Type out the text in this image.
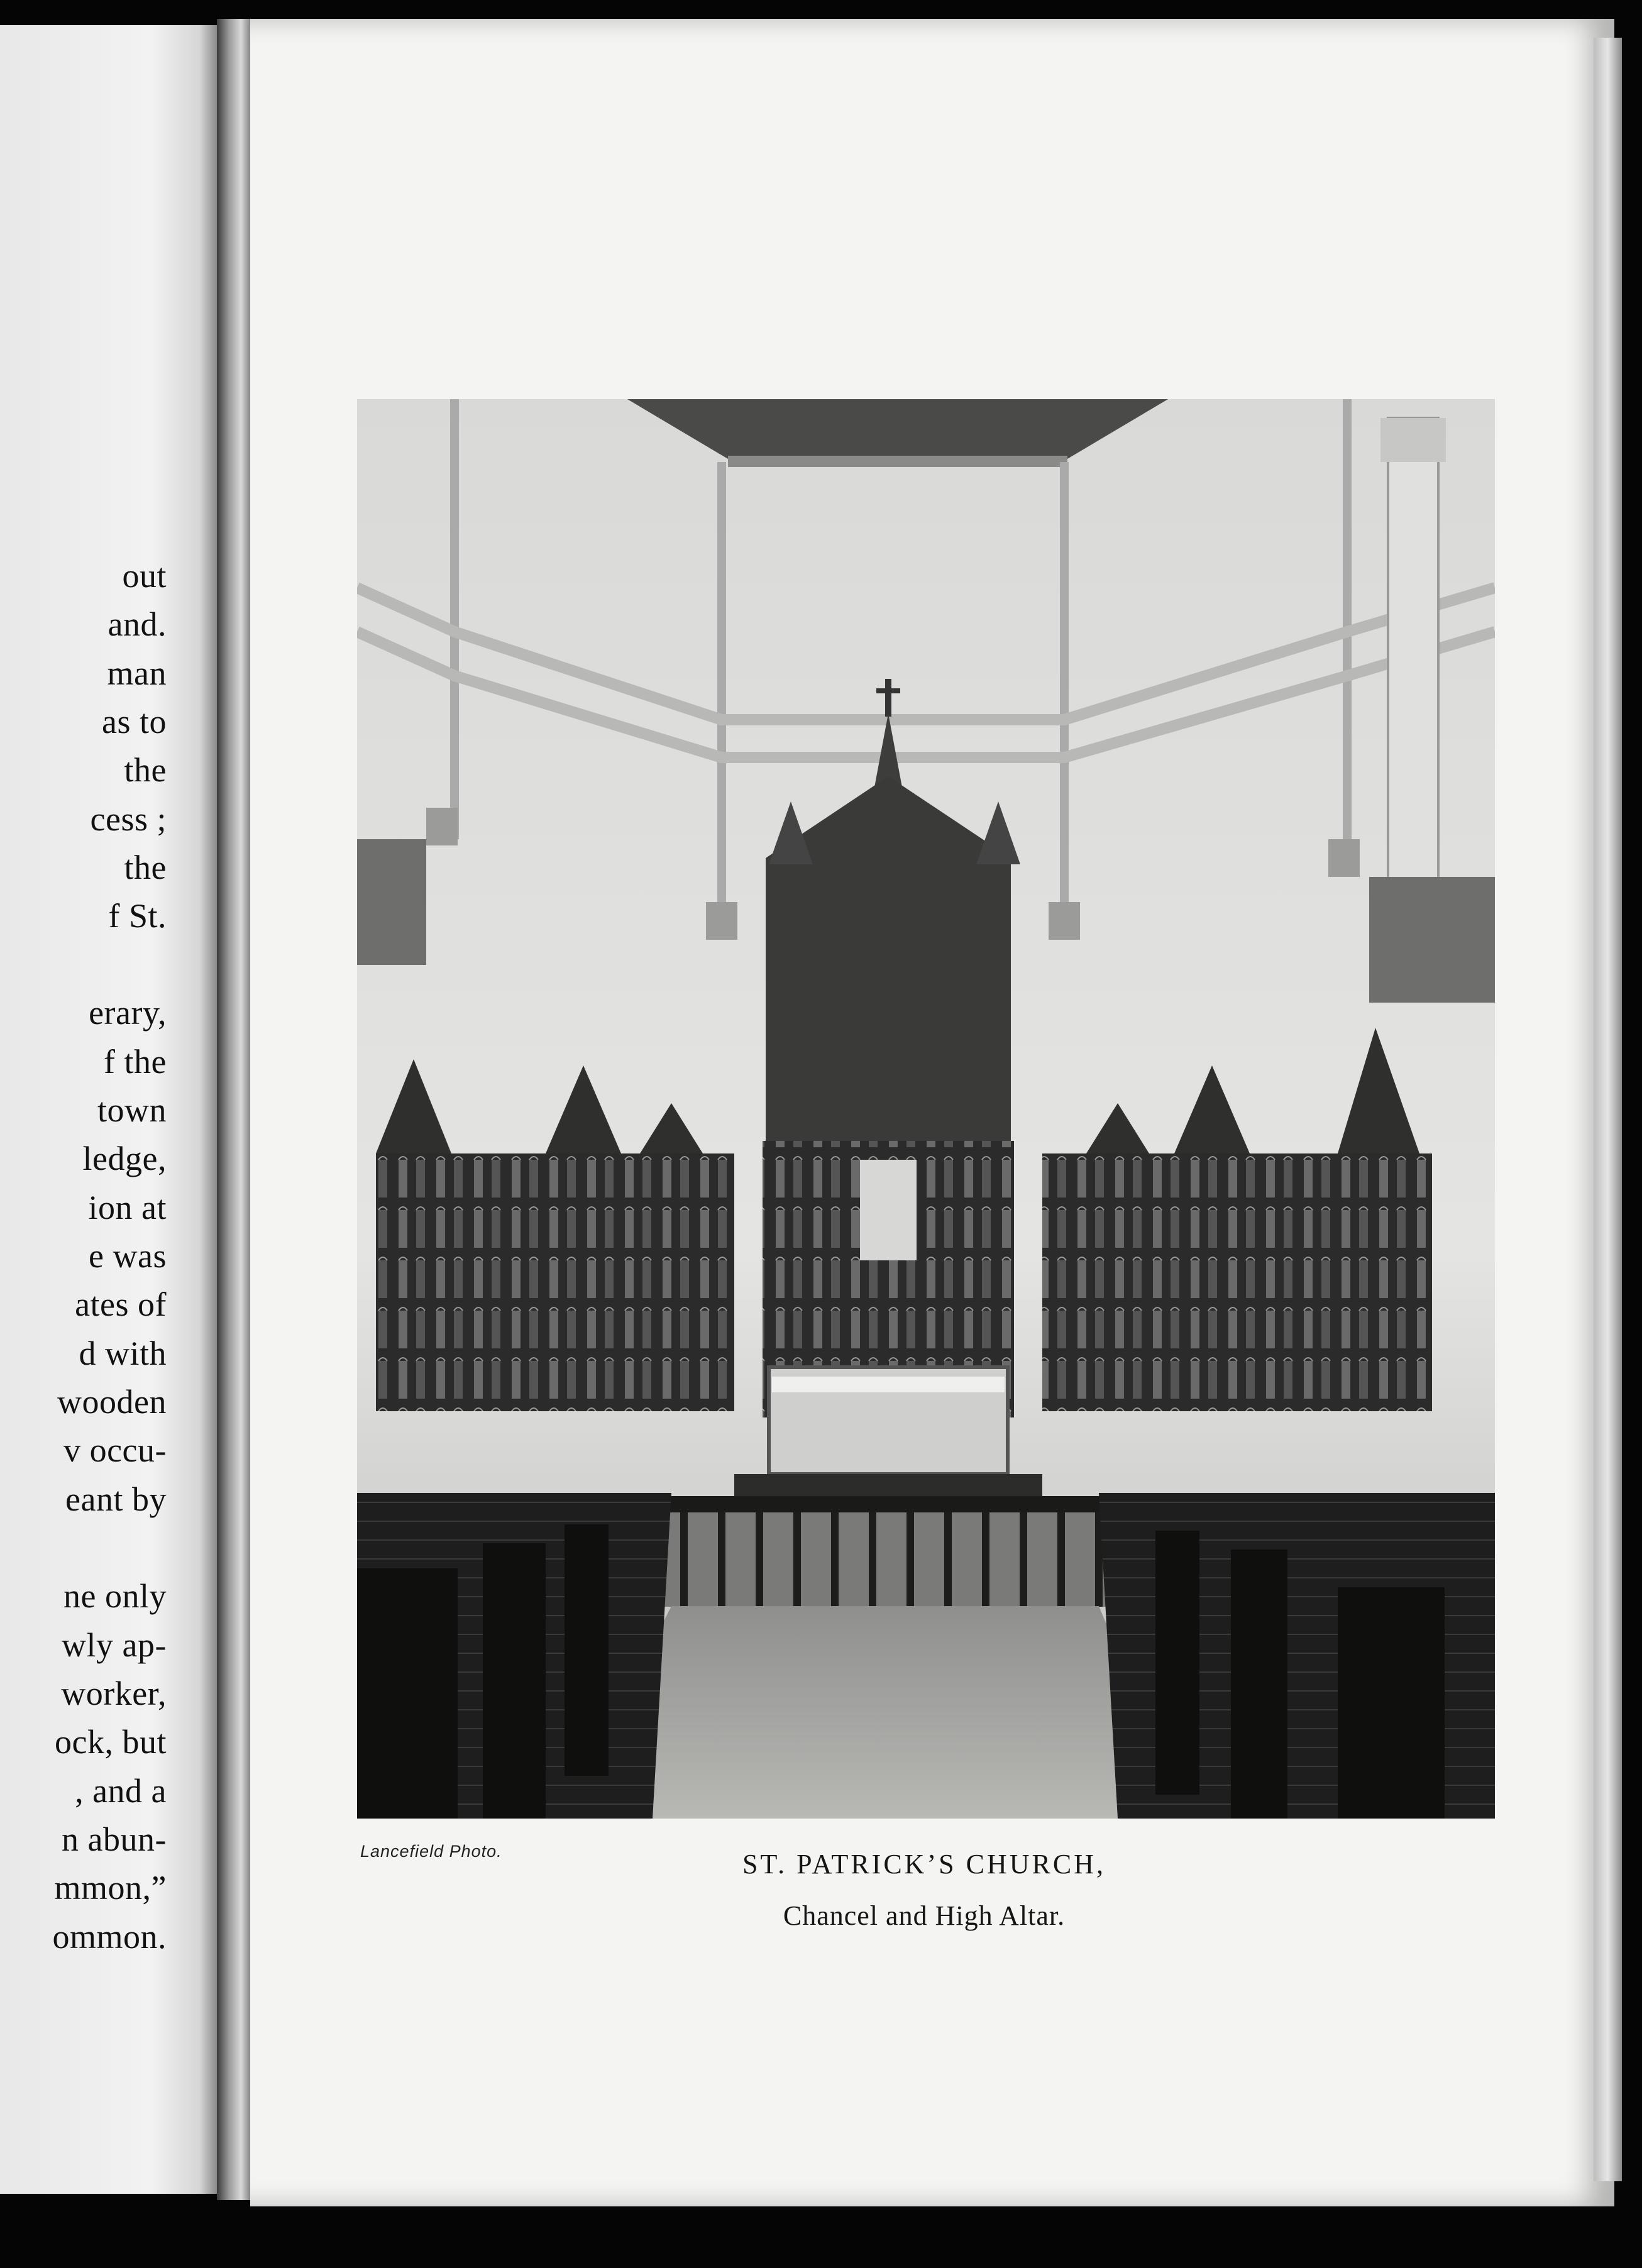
out
and.
man
as to
the
cess ;
the
f St.
erary,
f the
town
ledge,
ion at
e was
ates of
d with
wooden
v occu-
eant by
ne only
wly ap-
worker,
ock, but
, and a
n abun-
mmon,”
ommon.
Lancefield Photo.	ST. PATRICK’S CHURCH,
Chancel and High Altar.
